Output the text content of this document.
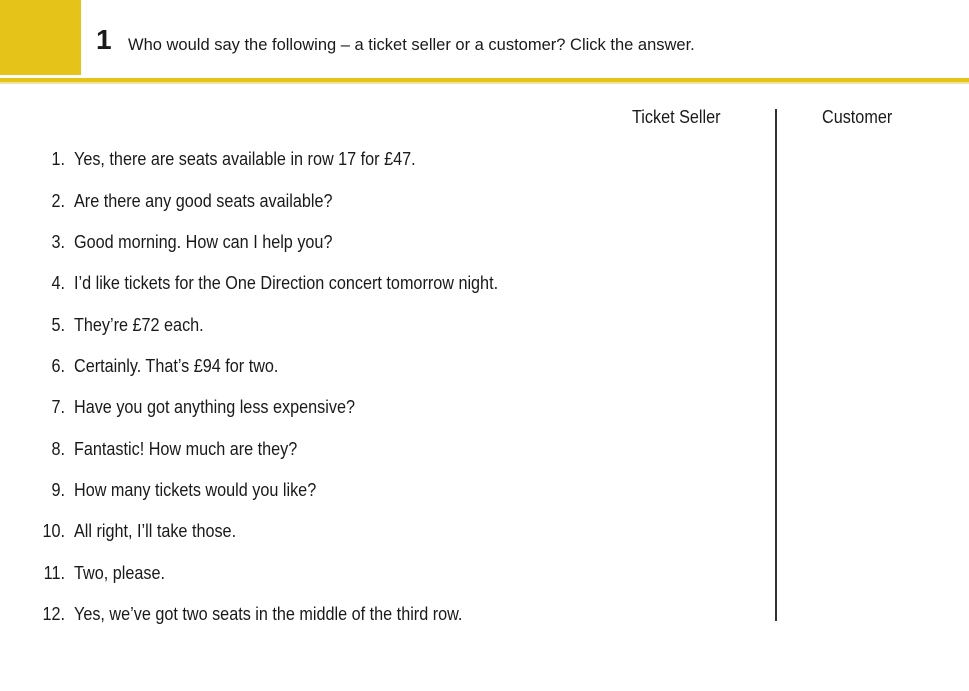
1 Who would say the following – a ticket seller or a customer? Click the answer.
Ticket Seller	Customer
1. Yes, there are seats available in row 17 for £47.
2. Are there any good seats available?
3. Good morning. How can I help you?
4. I’d like tickets for the One Direction concert tomorrow night.
5. They’re £72 each.
6. Certainly. That’s £94 for two.
7. Have you got anything less expensive?
8. Fantastic! How much are they?
9. How many tickets would you like?
10. All right, I’ll take those.
11. Two, please.
12. Yes, we’ve got two seats in the middle of the third row.
